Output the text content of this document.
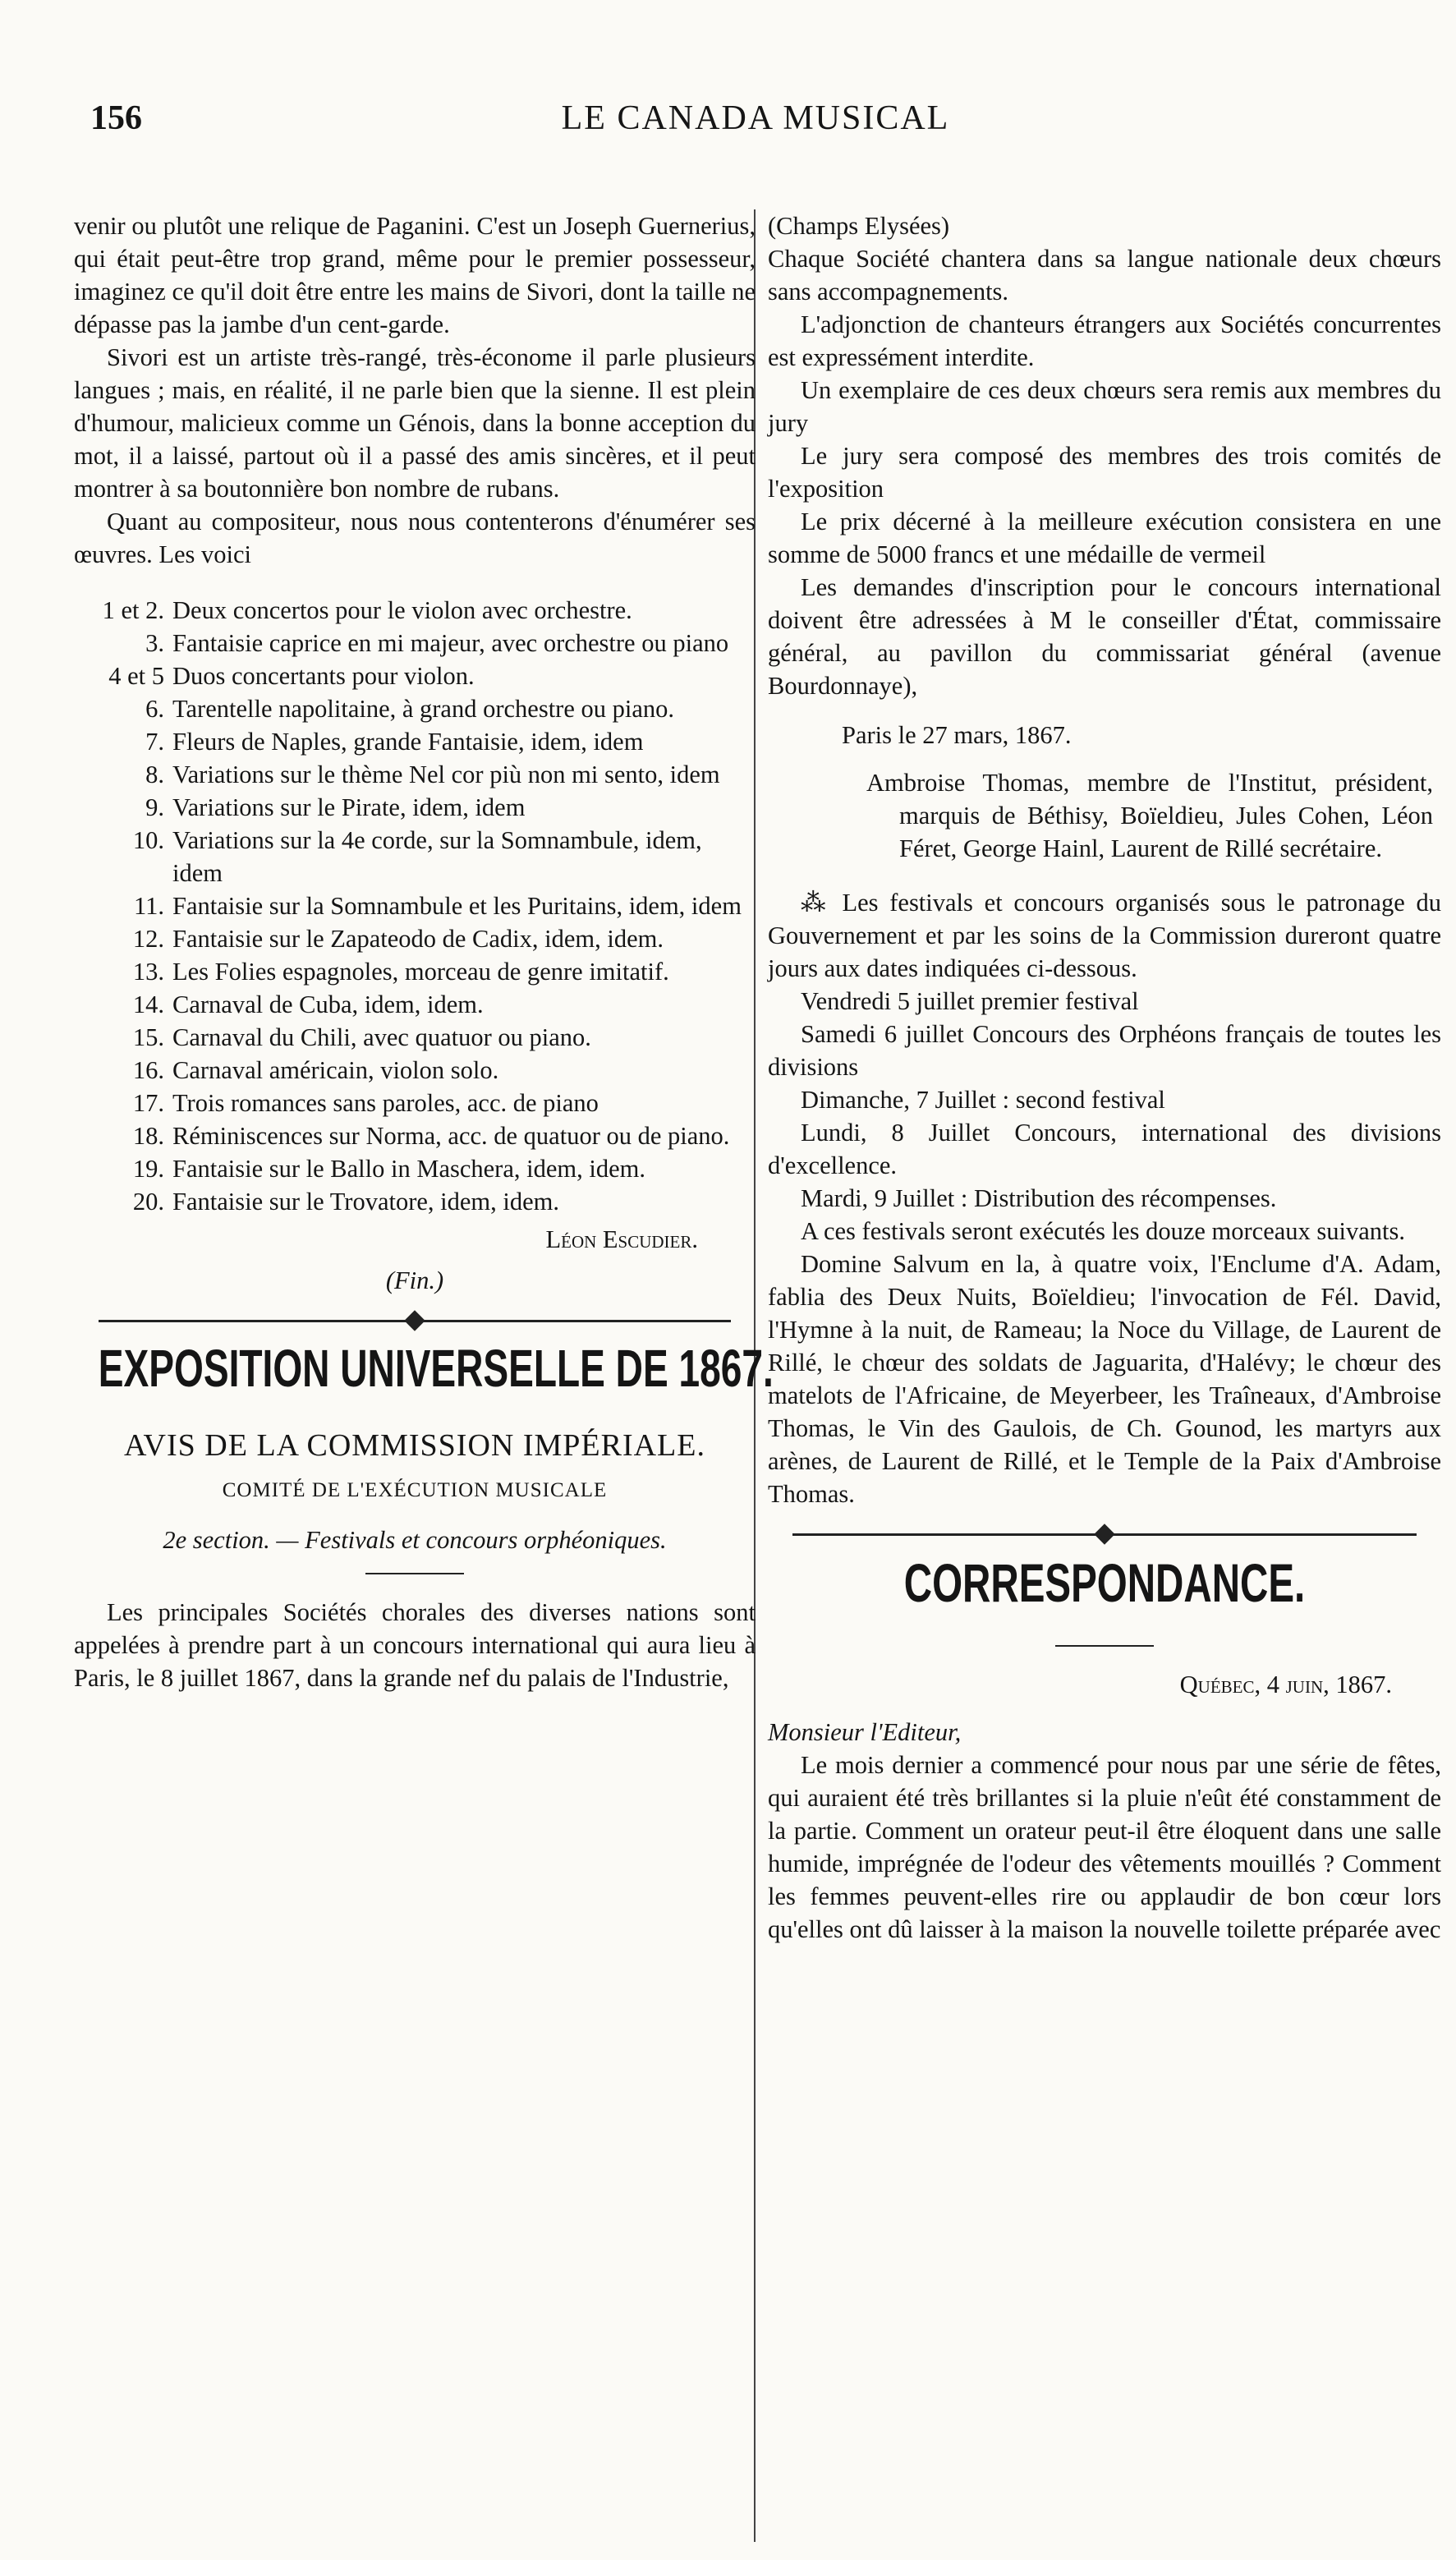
156	LE CANADA MUSICAL

venir ou plutôt une relique de Paganini. C'est un Joseph Guernerius, qui était peut-être trop grand, même pour le premier possesseur, imaginez ce qu'il doit être entre les mains de Sivori, dont la taille ne dépasse pas la jambe d'un cent-garde.

Sivori est un artiste très-rangé, très-économe il parle plusieurs langues ; mais, en réalité, il ne parle bien que la sienne. Il est plein d'humour, malicieux comme un Génois, dans la bonne acception du mot, il a laissé, partout où il a passé des amis sincères, et il peut montrer à sa boutonnière bon nombre de rubans.

Quant au compositeur, nous nous contenterons d'énumérer ses œuvres. Les voici

1 et 2. Deux concertos pour le violon avec orchestre.
3. Fantaisie caprice en mi majeur, avec orchestre ou piano
4 et 5 Duos concertants pour violon.
6. Tarentelle napolitaine, à grand orchestre ou piano.
7. Fleurs de Naples, grande Fantaisie, idem, idem
8. Variations sur le thème Nel cor più non mi sento, idem
9. Variations sur le Pirate, idem, idem
10. Variations sur la 4e corde, sur la Somnambule, idem, idem
11. Fantaisie sur la Somnambule et les Puritains, idem, idem
12. Fantaisie sur le Zapateodo de Cadix, idem, idem.
13. Les Folies espagnoles, morceau de genre imitatif.
14. Carnaval de Cuba, idem, idem.
15. Carnaval du Chili, avec quatuor ou piano.
16. Carnaval américain, violon solo.
17. Trois romances sans paroles, acc. de piano
18. Réminiscences sur Norma, acc. de quatuor ou de piano.
19. Fantaisie sur le Ballo in Maschera, idem, idem.
20. Fantaisie sur le Trovatore, idem, idem.

Léon Escudier.

(Fin.)

EXPOSITION UNIVERSELLE DE 1867.

AVIS DE LA COMMISSION IMPÉRIALE.

COMITÉ DE L'EXÉCUTION MUSICALE

2e section. — Festivals et concours orphéoniques.

Les principales Sociétés chorales des diverses nations sont appelées à prendre part à un concours international qui aura lieu à Paris, le 8 juillet 1867, dans la grande nef du palais de l'Industrie,

(Champs Elysées)

Chaque Société chantera dans sa langue nationale deux chœurs sans accompagnements.

L'adjonction de chanteurs étrangers aux Sociétés concurrentes est expressément interdite.

Un exemplaire de ces deux chœurs sera remis aux membres du jury

Le jury sera composé des membres des trois comités de l'exposition

Le prix décerné à la meilleure exécution consistera en une somme de 5000 francs et une médaille de vermeil

Les demandes d'inscription pour le concours international doivent être adressées à M le conseiller d'État, commissaire général, au pavillon du commissariat général (avenue Bourdonnaye),

Paris le 27 mars, 1867.

Ambroise Thomas, membre de l'Institut, président, marquis de Béthisy, Boïeldieu, Jules Cohen, Léon Féret, George Hainl, Laurent de Rillé secrétaire.

⁂ Les festivals et concours organisés sous le patronage du Gouvernement et par les soins de la Commission dureront quatre jours aux dates indiquées ci-dessous.

Vendredi 5 juillet premier festival

Samedi 6 juillet Concours des Orphéons français de toutes les divisions

Dimanche, 7 Juillet : second festival

Lundi, 8 Juillet Concours, international des divisions d'excellence.

Mardi, 9 Juillet : Distribution des récompenses.

A ces festivals seront exécutés les douze morceaux suivants.

Domine Salvum en la, à quatre voix, l'Enclume d'A. Adam, fablia des Deux Nuits, Boïeldieu; l'invocation de Fél. David, l'Hymne à la nuit, de Rameau; la Noce du Village, de Laurent de Rillé, le chœur des soldats de Jaguarita, d'Halévy; le chœur des matelots de l'Africaine, de Meyerbeer, les Traîneaux, d'Ambroise Thomas, le Vin des Gaulois, de Ch. Gounod, les martyrs aux arènes, de Laurent de Rillé, et le Temple de la Paix d'Ambroise Thomas.

CORRESPONDANCE.

Québec, 4 juin, 1867.

Monsieur l'Editeur,

Le mois dernier a commencé pour nous par une série de fêtes, qui auraient été très brillantes si la pluie n'eût été constamment de la partie. Comment un orateur peut-il être éloquent dans une salle humide, imprégnée de l'odeur des vêtements mouillés ? Comment les femmes peuvent-elles rire ou applaudir de bon cœur lors qu'elles ont dû laisser à la maison la nouvelle toilette préparée avec
